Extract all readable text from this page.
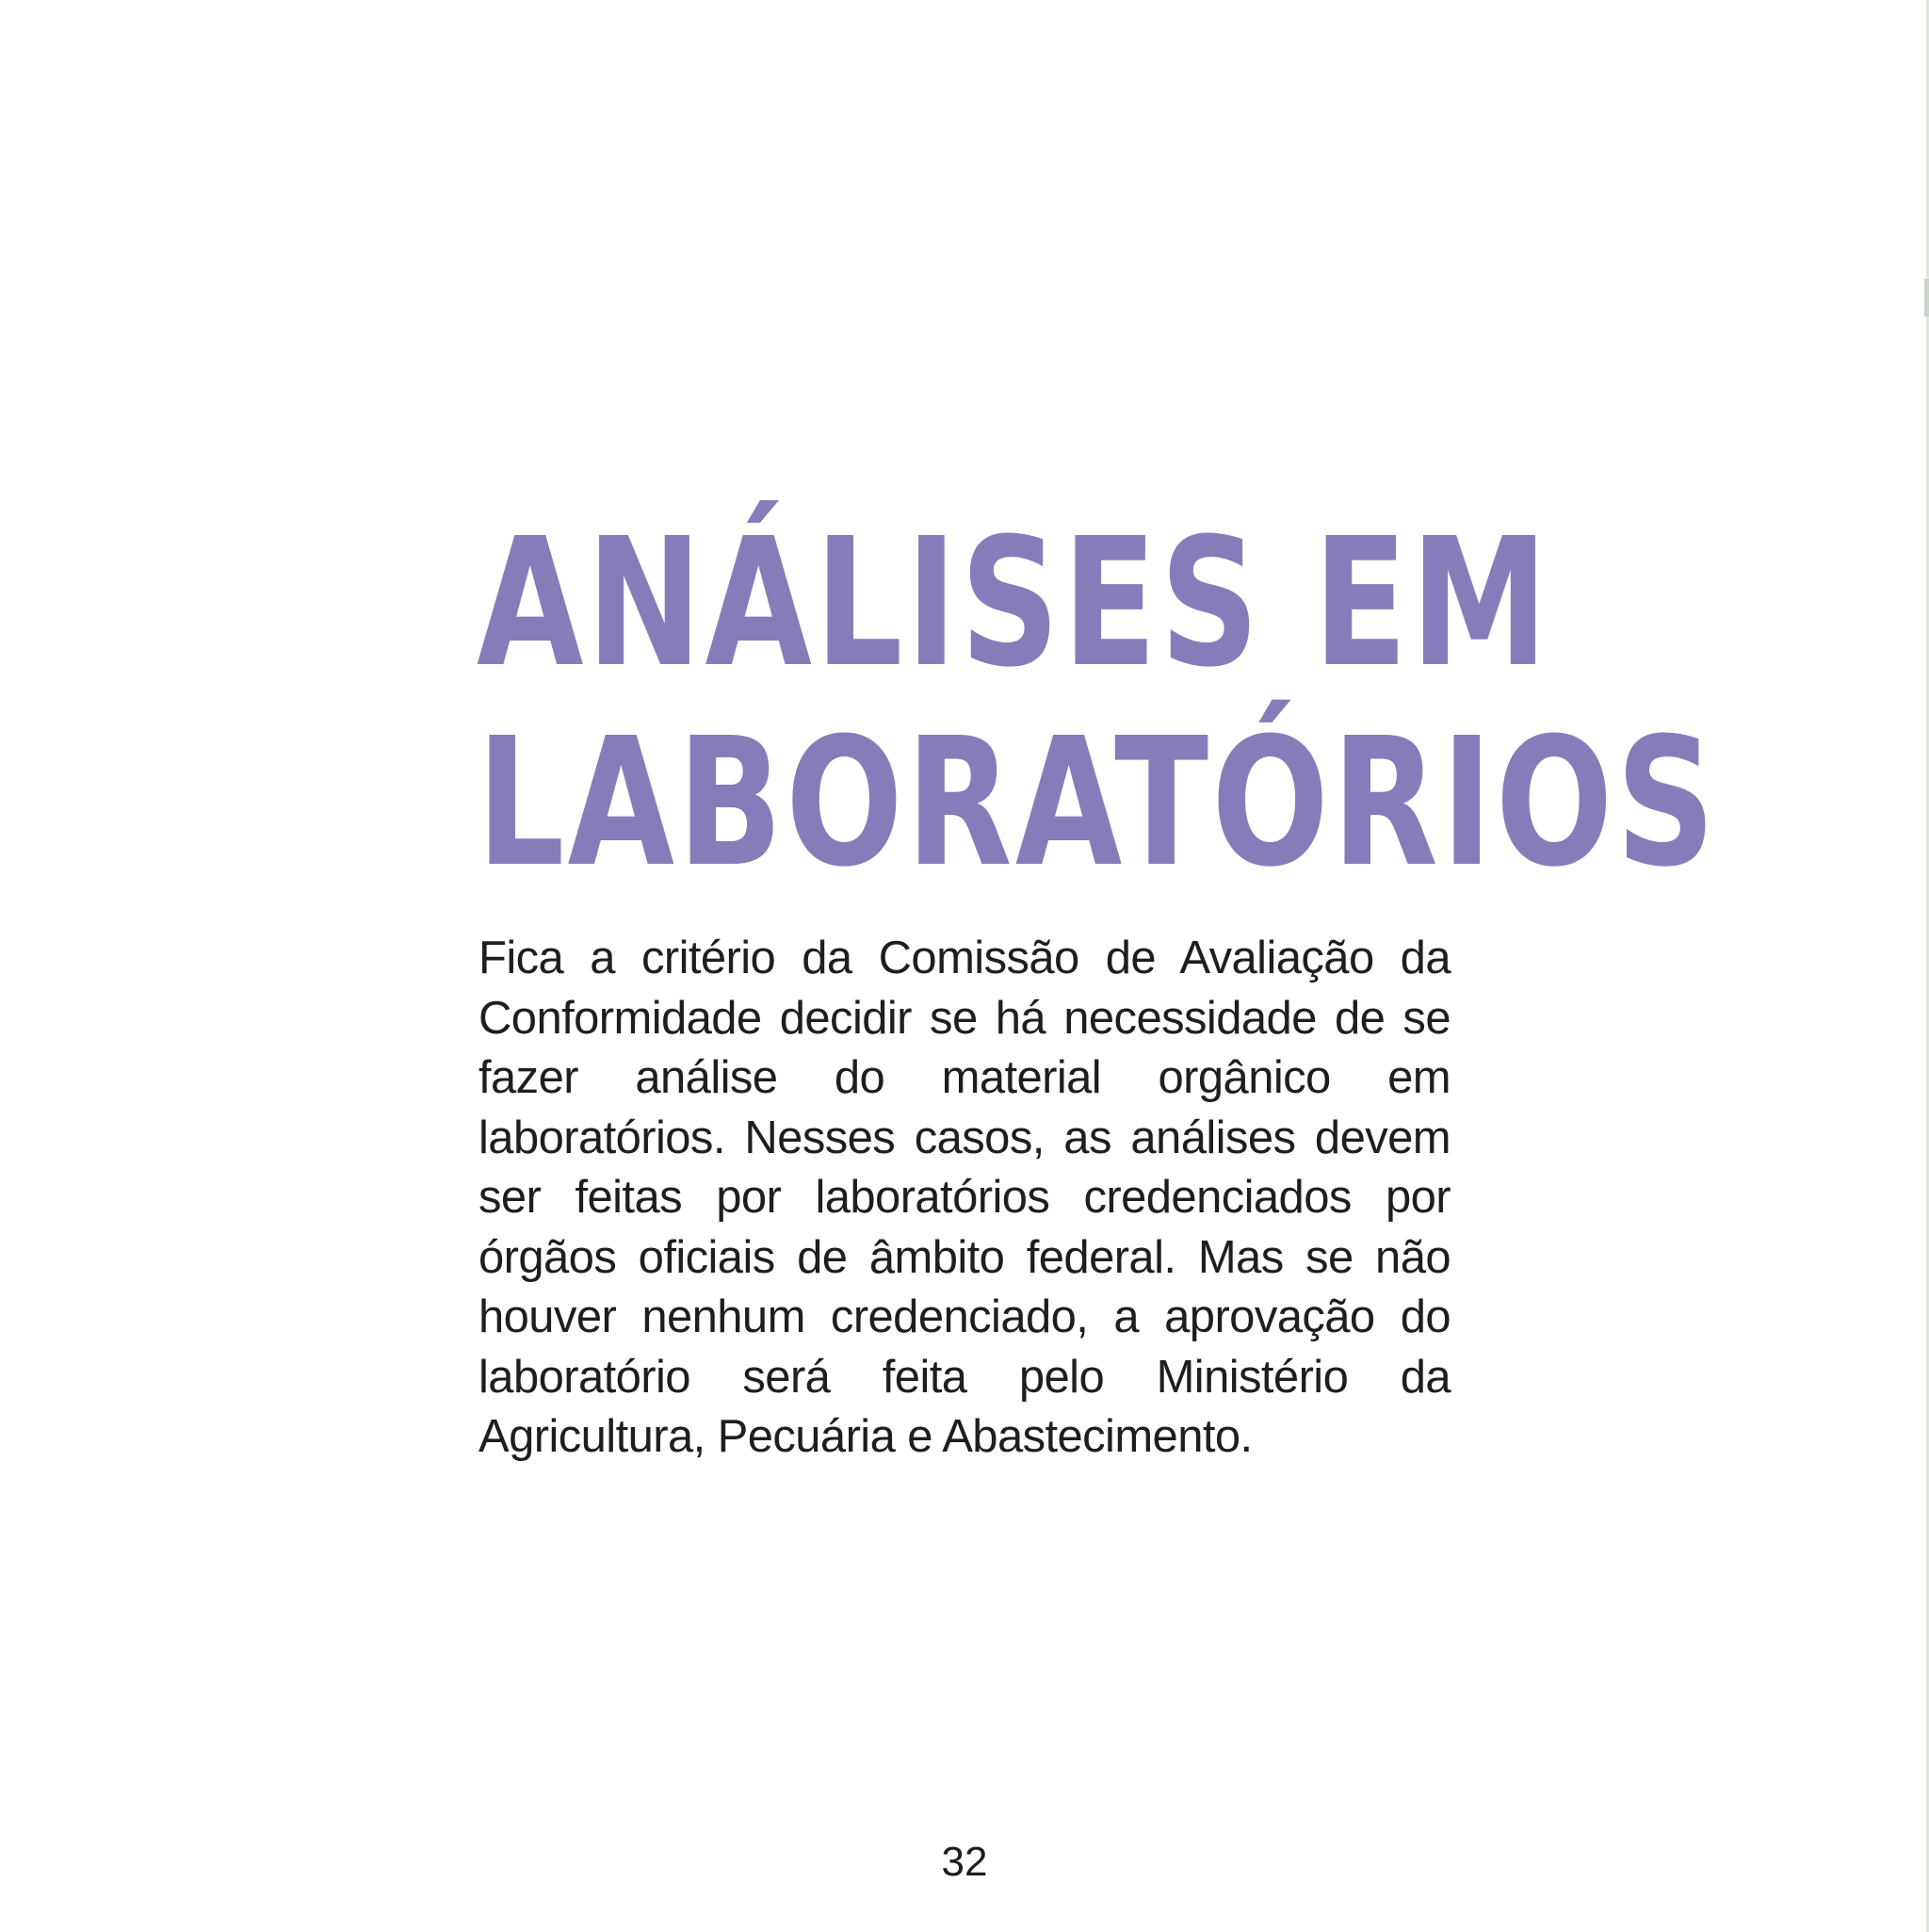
ANÁLISES EM
LABORATÓRIOS

Fica a critério da Comissão de Avaliação da Conformidade decidir se há necessidade de se fazer análise do material orgânico em laboratórios. Nesses casos, as análises devem ser feitas por laboratórios credenciados por órgãos oficiais de âmbito federal. Mas se não houver nenhum credenciado, a aprovação do laboratório será feita pelo Ministério da Agricultura, Pecuária e Abastecimento.

32
